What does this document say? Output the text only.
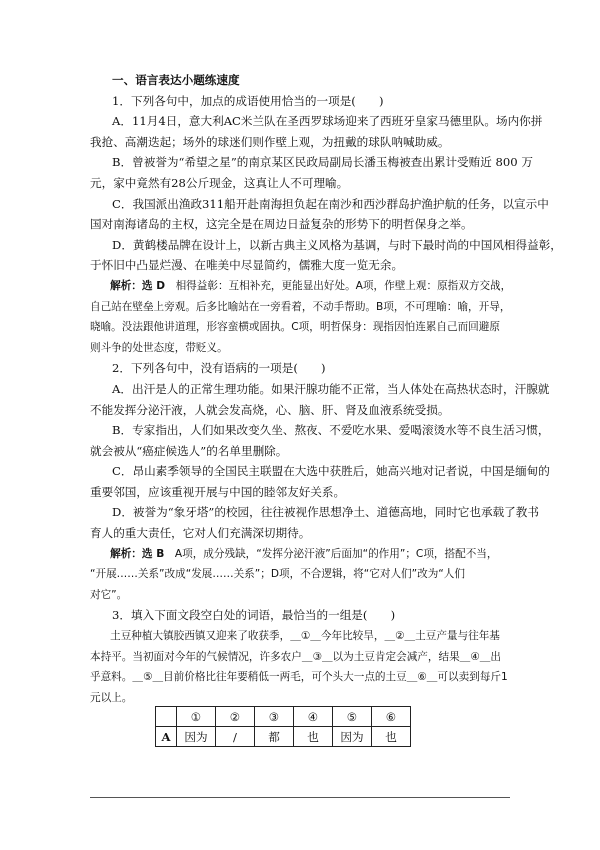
一、语言表达小题练速度
1．下列各句中，加点的成语使用恰当的一项是(　　)
A．11月4日，意大利AC米兰队在圣西罗球场迎来了西班牙皇家马德里队。场内你拼
我抢、高潮迭起；场外的球迷们则作壁上观，为扭戴的球队呐喊助威。
B．曾被誉为“希望之星”的南京某区民政局副局长潘玉梅被查出累计受贿近 800 万
元，家中竟然有28公斤现金，这真让人不可理喻。
C．我国派出渔政311船开赴南海担负起在南沙和西沙群岛护渔护航的任务，以宣示中
国对南海诸岛的主权，这完全是在周边日益复杂的形势下的明哲保身之举。
D．黄鹤楼品牌在设计上，以新古典主义风格为基调，与时下最时尚的中国风相得益彰，
于怀旧中凸显烂漫、在唯美中尽显简约，儒雅大度一览无余。
解析：选 D　相得益彰：互相补充，更能显出好处。A项，作壁上观：原指双方交战，
自己站在壁垒上旁观。后多比喻站在一旁看着，不动手帮助。B项，不可理喻：喻，开导，
晓喻。没法跟他讲道理，形容蛮横或固执。C项，明哲保身：现指因怕连累自己而回避原
则斗争的处世态度，带贬义。
2．下列各句中，没有语病的一项是(　　)
A．出汗是人的正常生理功能。如果汗腺功能不正常，当人体处在高热状态时，汗腺就
不能发挥分泌汗液，人就会发高烧，心、脑、肝、肾及血液系统受损。
B．专家指出，人们如果改变久坐、熬夜、不爱吃水果、爱喝滚烫水等不良生活习惯，
就会被从“癌症候选人”的名单里删除。
C．昂山素季领导的全国民主联盟在大选中获胜后，她高兴地对记者说，中国是缅甸的
重要邻国，应该重视开展与中国的睦邻友好关系。
D．被誉为“象牙塔”的校园，往往被视作思想净土、道德高地，同时它也承载了教书
育人的重大责任，它对人们充满深切期待。
解析：选 B　A项，成分残缺，“发挥分泌汗液”后面加“的作用”；C项，搭配不当，
“开展……关系”改成“发展……关系”；D项，不合逻辑，将“它对人们”改为“人们
对它”。
3．填入下面文段空白处的词语，最恰当的一组是(　　)
土豆种植大镇胶西镇又迎来了收获季，＿①＿今年比较旱，＿②＿土豆产量与往年基
本持平。当初面对今年的气候情况，许多农户＿③＿以为土豆肯定会减产，结果＿④＿出
乎意料。＿⑤＿目前价格比往年要稍低一两毛，可个头大一点的土豆＿⑥＿可以卖到每斤1
元以上。
	①	②	③	④	⑤	⑥
A	因为	/	都	也	因为	也
